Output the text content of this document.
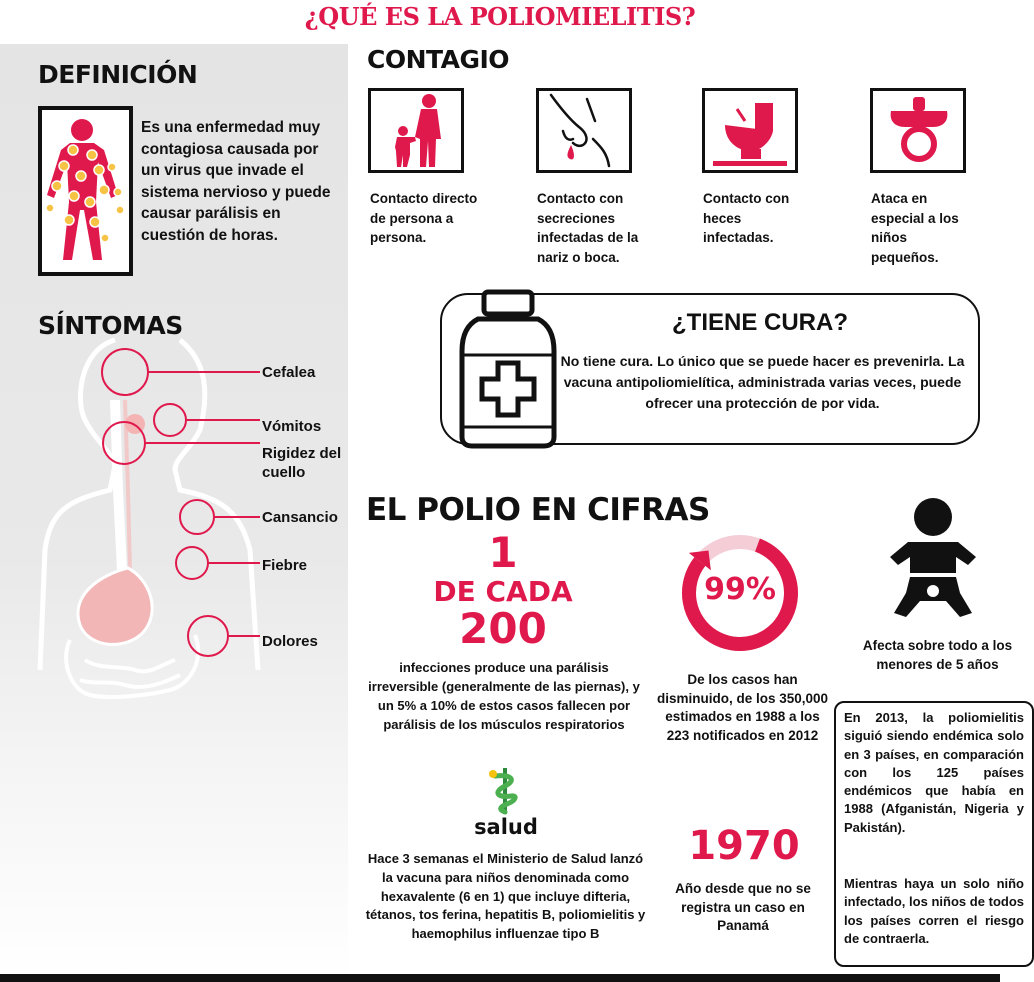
¿QUÉ ES LA POLIOMIELITIS?
DEFINICIÓN
Es una enfermedad muy contagiosa causada por un virus que invade el sistema nervioso y puede causar parálisis en cuestión de horas.
SÍNTOMAS
Cefalea
Vómitos
Rigidez del cuello
Cansancio
Fiebre
Dolores
CONTAGIO
Contacto directo de persona a persona.
Contacto con secreciones infectadas de la nariz o boca.
Contacto con heces infectadas.
Ataca en especial a los niños pequeños.
¿TIENE CURA?
No tiene cura. Lo único que se puede hacer es prevenirla. La vacuna antipoliomielítica, administrada varias veces, puede ofrecer una protección de por vida.
EL POLIO EN CIFRAS
1
DE CADA
200
infecciones produce una parálisis irreversible (generalmente de las piernas), y un 5% a 10% de estos casos fallecen por parálisis de los músculos respiratorios
99%
De los casos han disminuido, de los 350,000 estimados en 1988 a los 223 notificados en 2012
Afecta sobre todo a los menores de 5 años
salud
Hace 3 semanas el Ministerio de Salud lanzó la vacuna para niños denominada como hexavalente (6 en 1) que incluye difteria, tétanos, tos ferina, hepatitis B, poliomielitis y haemophilus influenzae tipo B
1970
Año desde que no se registra un caso en Panamá
En 2013, la poliomielitis siguió siendo endémica solo en 3 países, en comparación con los 125 países endémicos que había en 1988 (Afganistán, Nigeria y Pakistán).
Mientras haya un solo niño infectado, los niños de todos los países corren el riesgo de contraerla.
